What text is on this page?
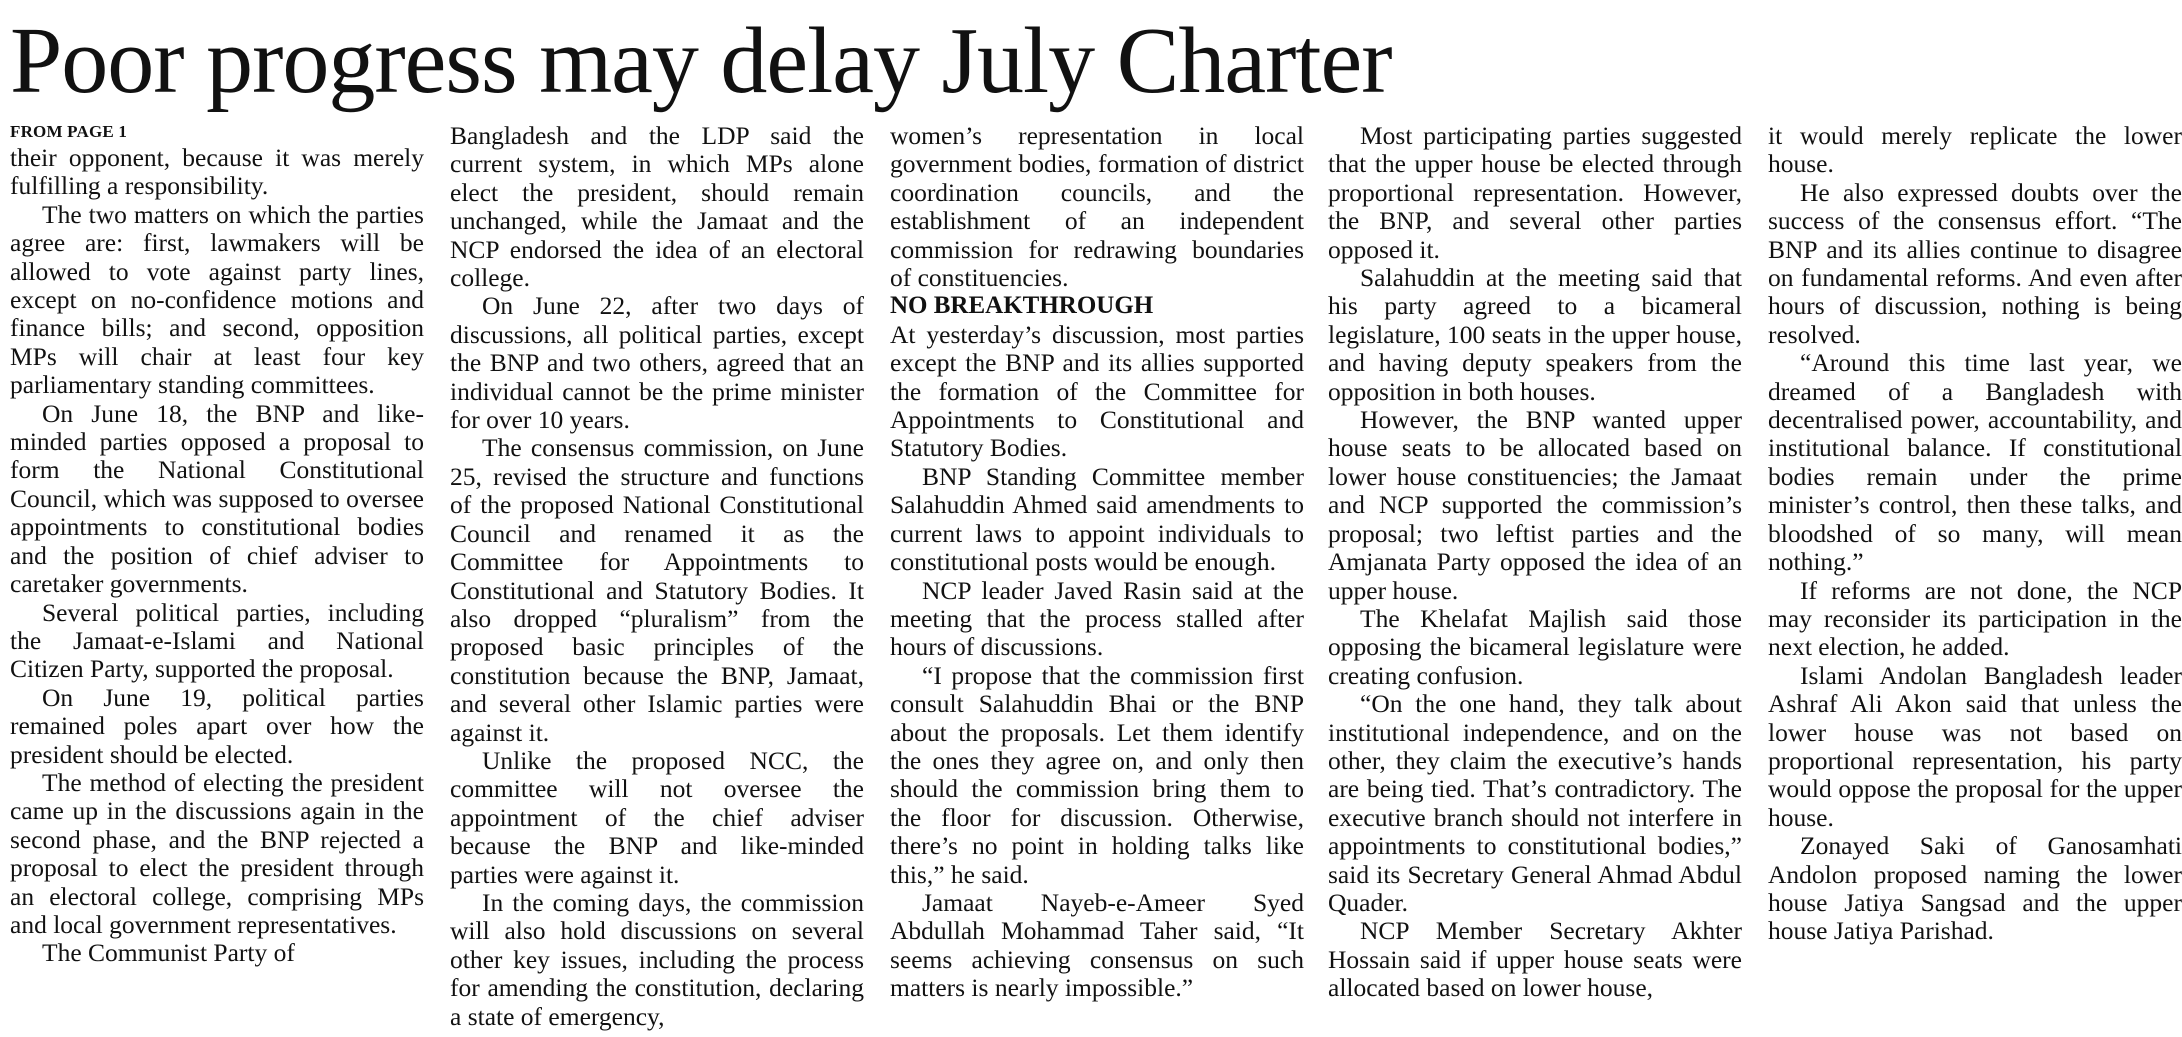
Poor progress may delay July Charter
FROM PAGE 1

their opponent, because it was merely fulfilling a responsibility.

The two matters on which the parties agree are: first, lawmakers will be allowed to vote against party lines, except on no-confidence motions and finance bills; and second, opposition MPs will chair at least four key parliamentary standing committees.

On June 18, the BNP and like-minded parties opposed a proposal to form the National Constitutional Council, which was supposed to oversee appointments to constitutional bodies and the position of chief adviser to caretaker governments.

Several political parties, including the Jamaat-e-Islami and National Citizen Party, supported the proposal.

On June 19, political parties remained poles apart over how the president should be elected.

The method of electing the president came up in the discussions again in the second phase, and the BNP rejected a proposal to elect the president through an electoral college, comprising MPs and local government representatives.

The Communist Party of

Bangladesh and the LDP said the current system, in which MPs alone elect the president, should remain unchanged, while the Jamaat and the NCP endorsed the idea of an electoral college.

On June 22, after two days of discussions, all political parties, except the BNP and two others, agreed that an individual cannot be the prime minister for over 10 years.

The consensus commission, on June 25, revised the structure and functions of the proposed National Constitutional Council and renamed it as the Committee for Appointments to Constitutional and Statutory Bodies. It also dropped “pluralism” from the proposed basic principles of the constitution because the BNP, Jamaat, and several other Islamic parties were against it.

Unlike the proposed NCC, the committee will not oversee the appointment of the chief adviser because the BNP and like-minded parties were against it.

In the coming days, the commission will also hold discussions on several other key issues, including the process for amending the constitution, declaring a state of emergency,

women’s representation in local government bodies, formation of district coordination councils, and the establishment of an independent commission for redrawing boundaries of constituencies.

NO BREAKTHROUGH

At yesterday’s discussion, most parties except the BNP and its allies supported the formation of the Committee for Appointments to Constitutional and Statutory Bodies.

BNP Standing Committee member Salahuddin Ahmed said amendments to current laws to appoint individuals to constitutional posts would be enough.

NCP leader Javed Rasin said at the meeting that the process stalled after hours of discussions.

“I propose that the commission first consult Salahuddin Bhai or the BNP about the proposals. Let them identify the ones they agree on, and only then should the commission bring them to the floor for discussion. Otherwise, there’s no point in holding talks like this,” he said.

Jamaat Nayeb-e-Ameer Syed Abdullah Mohammad Taher said, “It seems achieving consensus on such matters is nearly impossible.”

Most participating parties suggested that the upper house be elected through proportional representation. However, the BNP, and several other parties opposed it.

Salahuddin at the meeting said that his party agreed to a bicameral legislature, 100 seats in the upper house, and having deputy speakers from the opposition in both houses.

However, the BNP wanted upper house seats to be allocated based on lower house constituencies; the Jamaat and NCP supported the commission’s proposal; two leftist parties and the Amjanata Party opposed the idea of an upper house.

The Khelafat Majlish said those opposing the bicameral legislature were creating confusion.

“On the one hand, they talk about institutional independence, and on the other, they claim the executive’s hands are being tied. That’s contradictory. The executive branch should not interfere in appointments to constitutional bodies,” said its Secretary General Ahmad Abdul Quader.

NCP Member Secretary Akhter Hossain said if upper house seats were allocated based on lower house,

it would merely replicate the lower house.

He also expressed doubts over the success of the consensus effort. “The BNP and its allies continue to disagree on fundamental reforms. And even after hours of discussion, nothing is being resolved.

“Around this time last year, we dreamed of a Bangladesh with decentralised power, accountability, and institutional balance. If constitutional bodies remain under the prime minister’s control, then these talks, and bloodshed of so many, will mean nothing.”

If reforms are not done, the NCP may reconsider its participation in the next election, he added.

Islami Andolan Bangladesh leader Ashraf Ali Akon said that unless the lower house was not based on proportional representation, his party would oppose the proposal for the upper house.

Zonayed Saki of Ganosamhati Andolon proposed naming the lower house Jatiya Sangsad and the upper house Jatiya Parishad.
